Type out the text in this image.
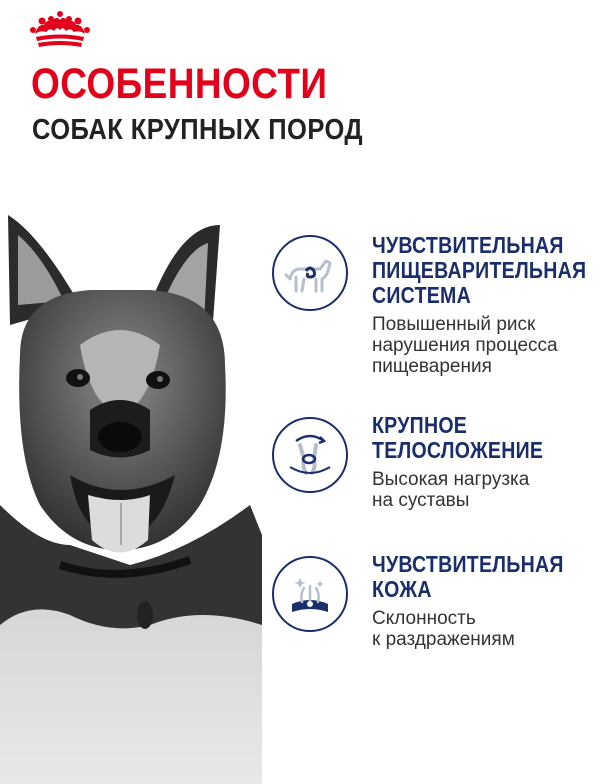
ОСОБЕННОСТИ
СОБАК КРУПНЫХ ПОРОД
ЧУВСТВИТЕЛЬНАЯ
ПИЩЕВАРИТЕЛЬНАЯ
СИСТЕМА
Повышенный риск
нарушения процесса
пищеварения
КРУПНОЕ
ТЕЛОСЛОЖЕНИЕ
Высокая нагрузка
на суставы
ЧУВСТВИТЕЛЬНАЯ
КОЖА
Склонность
к раздражениям
